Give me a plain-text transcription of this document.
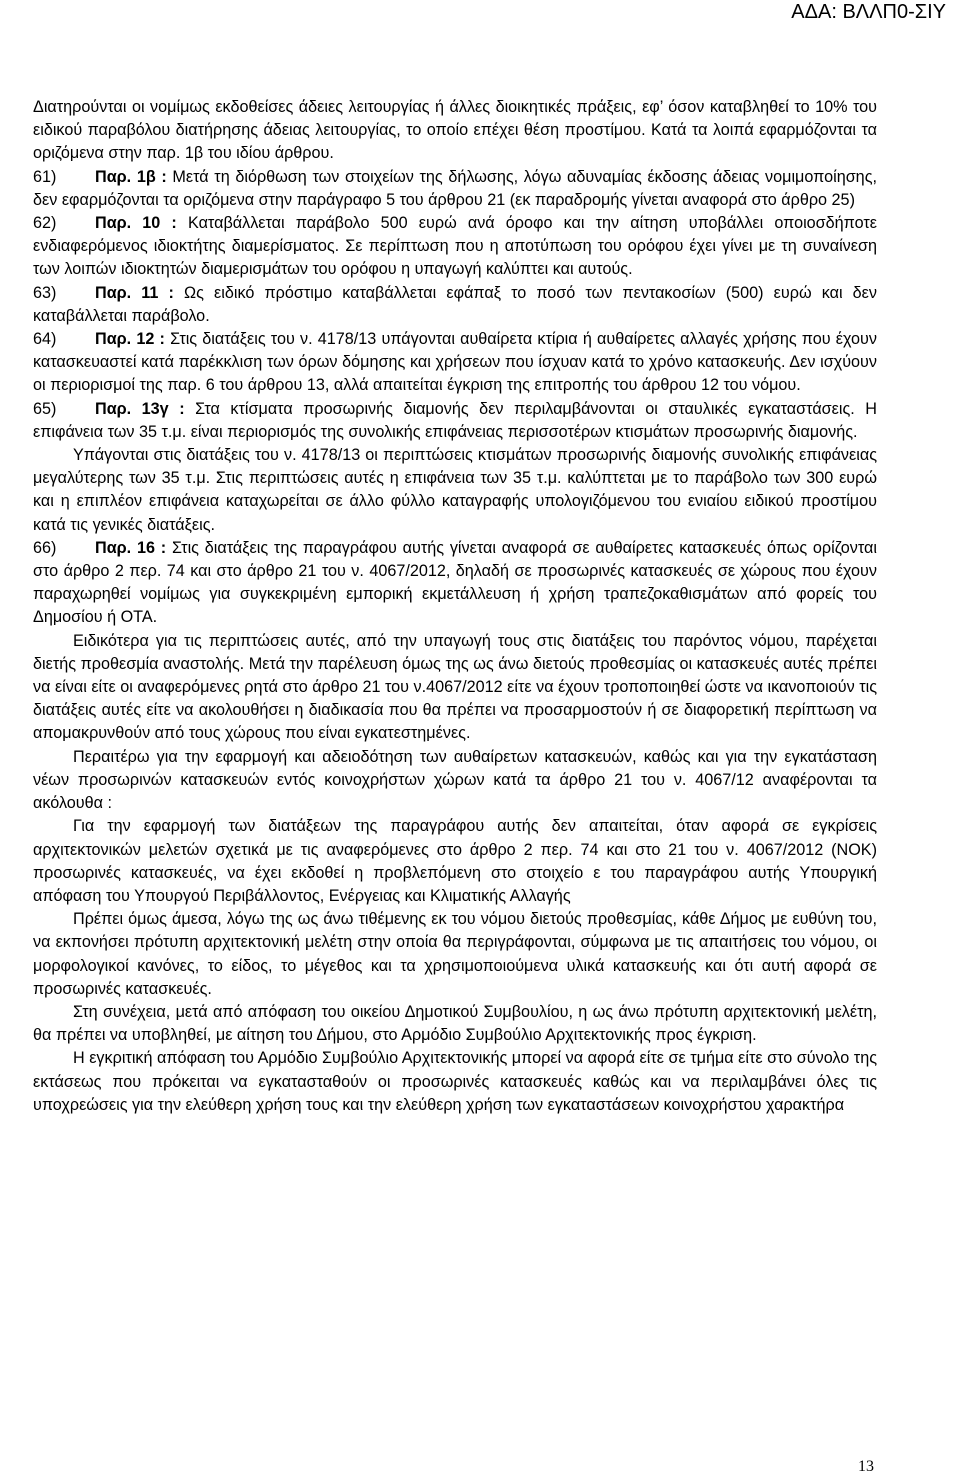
ΑΔΑ: ΒΛΛΠ0-ΣΙΥ

Διατηρούνται οι νομίμως εκδοθείσες άδειες λειτουργίας ή άλλες διοικητικές πράξεις, εφ’ όσον καταβληθεί το 10% του ειδικού παραβόλου διατήρησης άδειας λειτουργίας, το οποίο επέχει θέση προστίμου. Κατά τα λοιπά εφαρμόζονται τα οριζόμενα στην παρ. 1β του ιδίου άρθρου.

61) Παρ. 1β : Μετά τη διόρθωση των στοιχείων της δήλωσης, λόγω αδυναμίας έκδοσης άδειας νομιμοποίησης, δεν εφαρμόζονται τα οριζόμενα στην παράγραφο 5 του άρθρου 21 (εκ παραδρομής γίνεται αναφορά στο άρθρο 25)

62) Παρ. 10 : Καταβάλλεται παράβολο 500 ευρώ ανά όροφο και την αίτηση υποβάλλει οποιοσδήποτε ενδιαφερόμενος ιδιοκτήτης διαμερίσματος. Σε περίπτωση που η αποτύπωση του ορόφου έχει γίνει με τη συναίνεση των λοιπών ιδιοκτητών διαμερισμάτων του ορόφου η υπαγωγή καλύπτει και αυτούς.

63) Παρ. 11 : Ως ειδικό πρόστιμο καταβάλλεται εφάπαξ το ποσό των πεντακοσίων (500) ευρώ και δεν καταβάλλεται παράβολο.

64) Παρ. 12 : Στις διατάξεις του ν. 4178/13 υπάγονται αυθαίρετα κτίρια ή αυθαίρετες αλλαγές χρήσης που έχουν κατασκευαστεί κατά παρέκκλιση των όρων δόμησης και χρήσεων που ίσχυαν κατά το χρόνο κατασκευής. Δεν ισχύουν οι περιορισμοί της παρ. 6 του άρθρου 13, αλλά απαιτείται έγκριση της επιτροπής του άρθρου 12 του νόμου.

65) Παρ. 13γ : Στα κτίσματα προσωρινής διαμονής δεν περιλαμβάνονται οι σταυλικές εγκαταστάσεις. Η επιφάνεια των 35 τ.μ. είναι περιορισμός της συνολικής επιφάνειας περισσοτέρων κτισμάτων προσωρινής διαμονής.

Υπάγονται στις διατάξεις του ν. 4178/13 οι περιπτώσεις κτισμάτων προσωρινής διαμονής συνολικής επιφάνειας μεγαλύτερης των 35 τ.μ. Στις περιπτώσεις αυτές η επιφάνεια των 35 τ.μ. καλύπτεται με το παράβολο των 300 ευρώ και η επιπλέον επιφάνεια καταχωρείται σε άλλο φύλλο καταγραφής υπολογιζόμενου του ενιαίου ειδικού προστίμου κατά τις γενικές διατάξεις.

66) Παρ. 16 : Στις διατάξεις της παραγράφου αυτής γίνεται αναφορά σε αυθαίρετες κατασκευές όπως ορίζονται στο άρθρο 2 περ. 74 και στο άρθρο 21 του ν. 4067/2012, δηλαδή σε προσωρινές κατασκευές σε χώρους που έχουν παραχωρηθεί νομίμως για συγκεκριμένη εμπορική εκμετάλλευση ή χρήση τραπεζοκαθισμάτων από φορείς του Δημοσίου ή ΟΤΑ.

Ειδικότερα για τις περιπτώσεις αυτές, από την υπαγωγή τους στις διατάξεις του παρόντος νόμου, παρέχεται διετής προθεσμία αναστολής. Μετά την παρέλευση όμως της ως άνω διετούς προθεσμίας οι κατασκευές αυτές πρέπει να είναι είτε οι αναφερόμενες ρητά στο άρθρο 21 του ν.4067/2012 είτε να έχουν τροποποιηθεί ώστε να ικανοποιούν τις διατάξεις αυτές είτε να ακολουθήσει η διαδικασία που θα πρέπει να προσαρμοστούν ή σε διαφορετική περίπτωση να απομακρυνθούν από τους χώρους που είναι εγκατεστημένες.

Περαιτέρω για την εφαρμογή και αδειοδότηση των αυθαίρετων κατασκευών, καθώς και για την εγκατάσταση νέων προσωρινών κατασκευών εντός κοινοχρήστων χώρων κατά τα άρθρο 21 του ν. 4067/12 αναφέρονται τα ακόλουθα :

Για την εφαρμογή των διατάξεων της παραγράφου αυτής δεν απαιτείται, όταν αφορά σε εγκρίσεις αρχιτεκτονικών μελετών σχετικά με τις αναφερόμενες στο άρθρο 2 περ. 74 και στο 21 του ν. 4067/2012 (ΝΟΚ) προσωρινές κατασκευές, να έχει εκδοθεί η προβλεπόμενη στο στοιχείο ε του παραγράφου αυτής Υπουργική απόφαση του Υπουργού Περιβάλλοντος, Ενέργειας και Κλιματικής Αλλαγής

Πρέπει όμως άμεσα, λόγω της ως άνω τιθέμενης εκ του νόμου διετούς προθεσμίας, κάθε Δήμος με ευθύνη του, να εκπονήσει πρότυπη αρχιτεκτονική μελέτη στην οποία θα περιγράφονται, σύμφωνα με τις απαιτήσεις του νόμου, οι μορφολογικοί κανόνες, το είδος, το μέγεθος και τα χρησιμοποιούμενα υλικά κατασκευής και ότι αυτή αφορά σε προσωρινές κατασκευές.

Στη συνέχεια, μετά από απόφαση του οικείου Δημοτικού Συμβουλίου, η ως άνω πρότυπη αρχιτεκτονική μελέτη, θα πρέπει να υποβληθεί, με αίτηση του Δήμου, στο Αρμόδιο Συμβούλιο Αρχιτεκτονικής προς έγκριση.

Η εγκριτική απόφαση του Αρμόδιο Συμβούλιο Αρχιτεκτονικής μπορεί να αφορά είτε σε τμήμα είτε στο σύνολο της εκτάσεως που πρόκειται να εγκατασταθούν οι προσωρινές κατασκευές καθώς και να περιλαμβάνει όλες τις υποχρεώσεις για την ελεύθερη χρήση τους και την ελεύθερη χρήση των εγκαταστάσεων κοινοχρήστου χαρακτήρα

13
